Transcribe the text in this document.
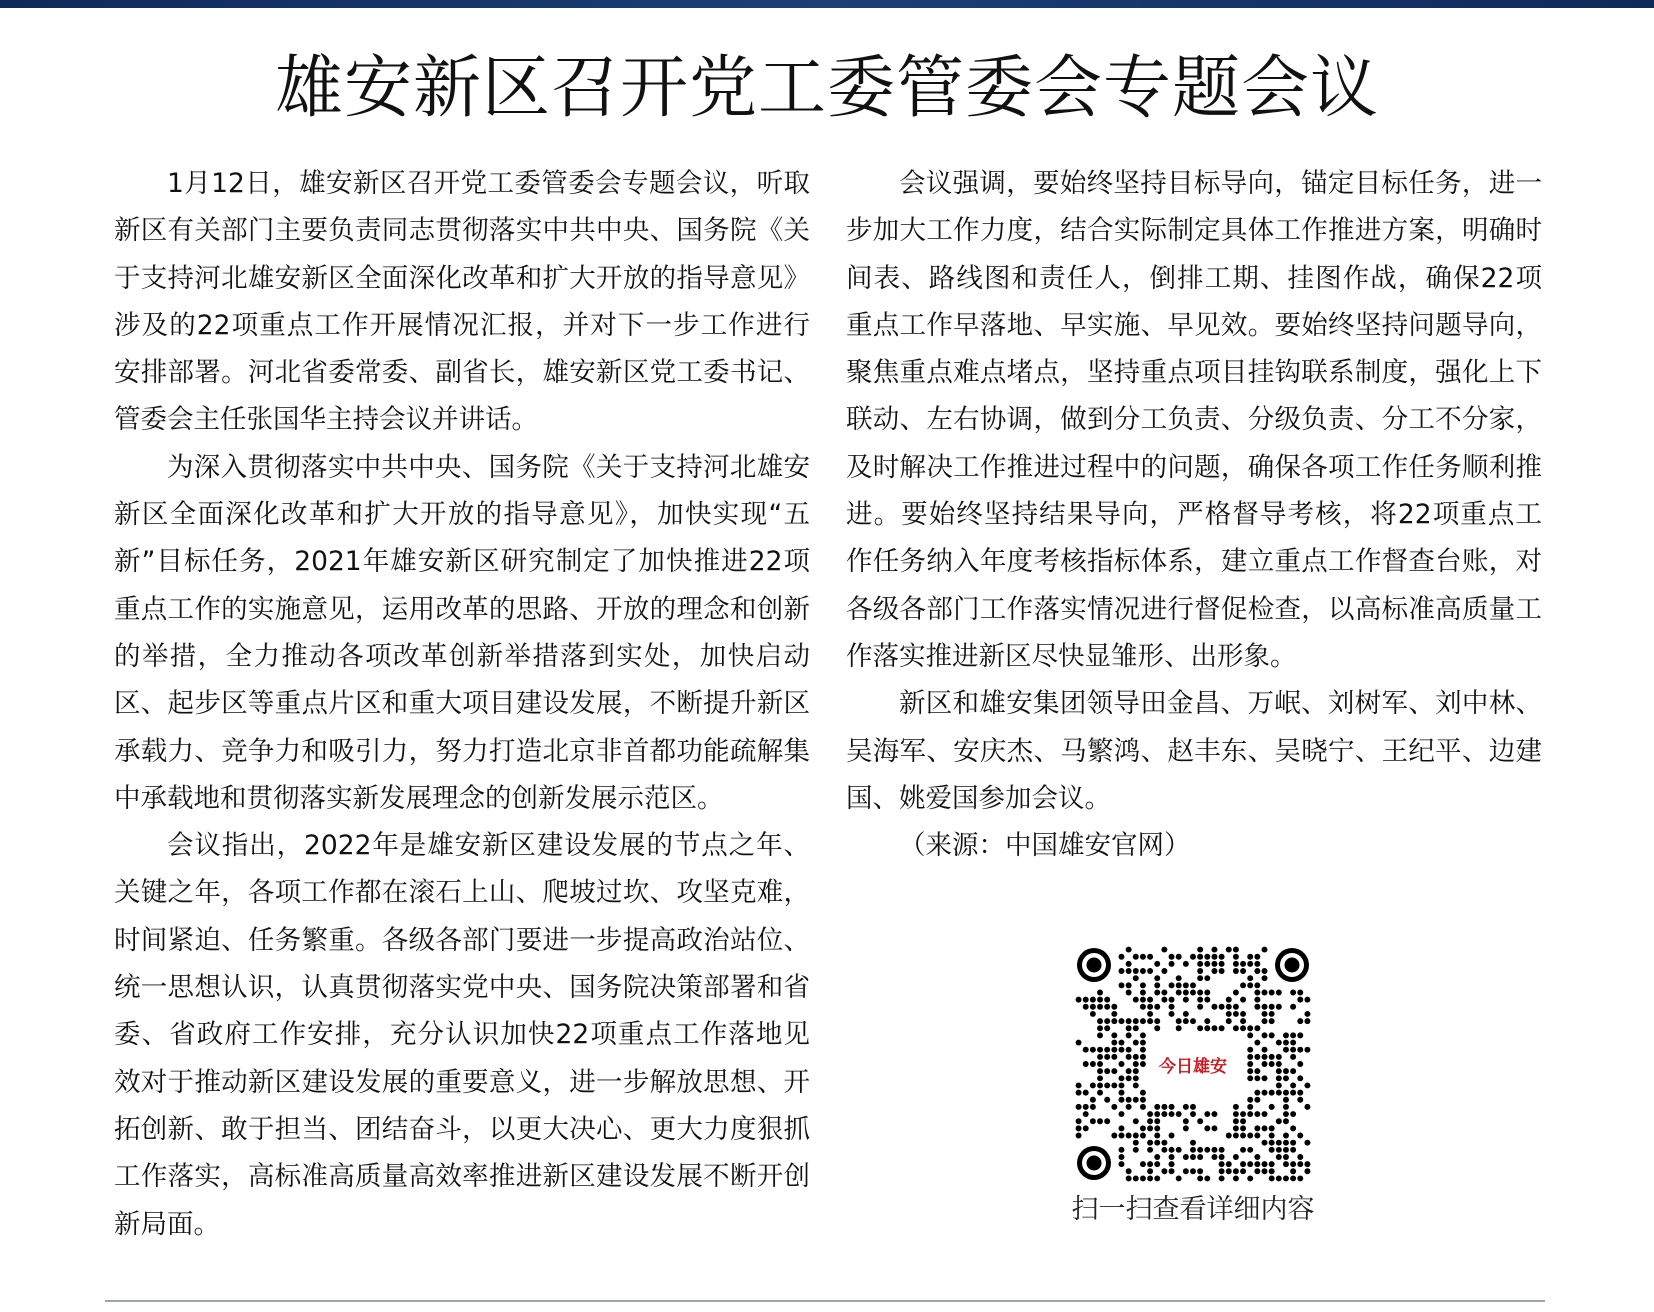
雄安新区召开党工委管委会专题会议

1月12日，雄安新区召开党工委管委会专题会议，听取新区有关部门主要负责同志贯彻落实中共中央、国务院《关于支持河北雄安新区全面深化改革和扩大开放的指导意见》涉及的22项重点工作开展情况汇报，并对下一步工作进行安排部署。河北省委常委、副省长，雄安新区党工委书记、管委会主任张国华主持会议并讲话。

为深入贯彻落实中共中央、国务院《关于支持河北雄安新区全面深化改革和扩大开放的指导意见》，加快实现“五新”目标任务，2021年雄安新区研究制定了加快推进22项重点工作的实施意见，运用改革的思路、开放的理念和创新的举措，全力推动各项改革创新举措落到实处，加快启动区、起步区等重点片区和重大项目建设发展，不断提升新区承载力、竞争力和吸引力，努力打造北京非首都功能疏解集中承载地和贯彻落实新发展理念的创新发展示范区。

会议指出，2022年是雄安新区建设发展的节点之年、关键之年，各项工作都在滚石上山、爬坡过坎、攻坚克难，时间紧迫、任务繁重。各级各部门要进一步提高政治站位、统一思想认识，认真贯彻落实党中央、国务院决策部署和省委、省政府工作安排，充分认识加快22项重点工作落地见效对于推动新区建设发展的重要意义，进一步解放思想、开拓创新、敢于担当、团结奋斗，以更大决心、更大力度狠抓工作落实，高标准高质量高效率推进新区建设发展不断开创新局面。

会议强调，要始终坚持目标导向，锚定目标任务，进一步加大工作力度，结合实际制定具体工作推进方案，明确时间表、路线图和责任人，倒排工期、挂图作战，确保22项重点工作早落地、早实施、早见效。要始终坚持问题导向，聚焦重点难点堵点，坚持重点项目挂钩联系制度，强化上下联动、左右协调，做到分工负责、分级负责、分工不分家，及时解决工作推进过程中的问题，确保各项工作任务顺利推进。要始终坚持结果导向，严格督导考核，将22项重点工作任务纳入年度考核指标体系，建立重点工作督查台账，对各级各部门工作落实情况进行督促检查，以高标准高质量工作落实推进新区尽快显雏形、出形象。

新区和雄安集团领导田金昌、万岷、刘树军、刘中林、吴海军、安庆杰、马繁鸿、赵丰东、吴晓宁、王纪平、边建国、姚爱国参加会议。

（来源：中国雄安官网）

今日雄安
扫一扫查看详细内容
